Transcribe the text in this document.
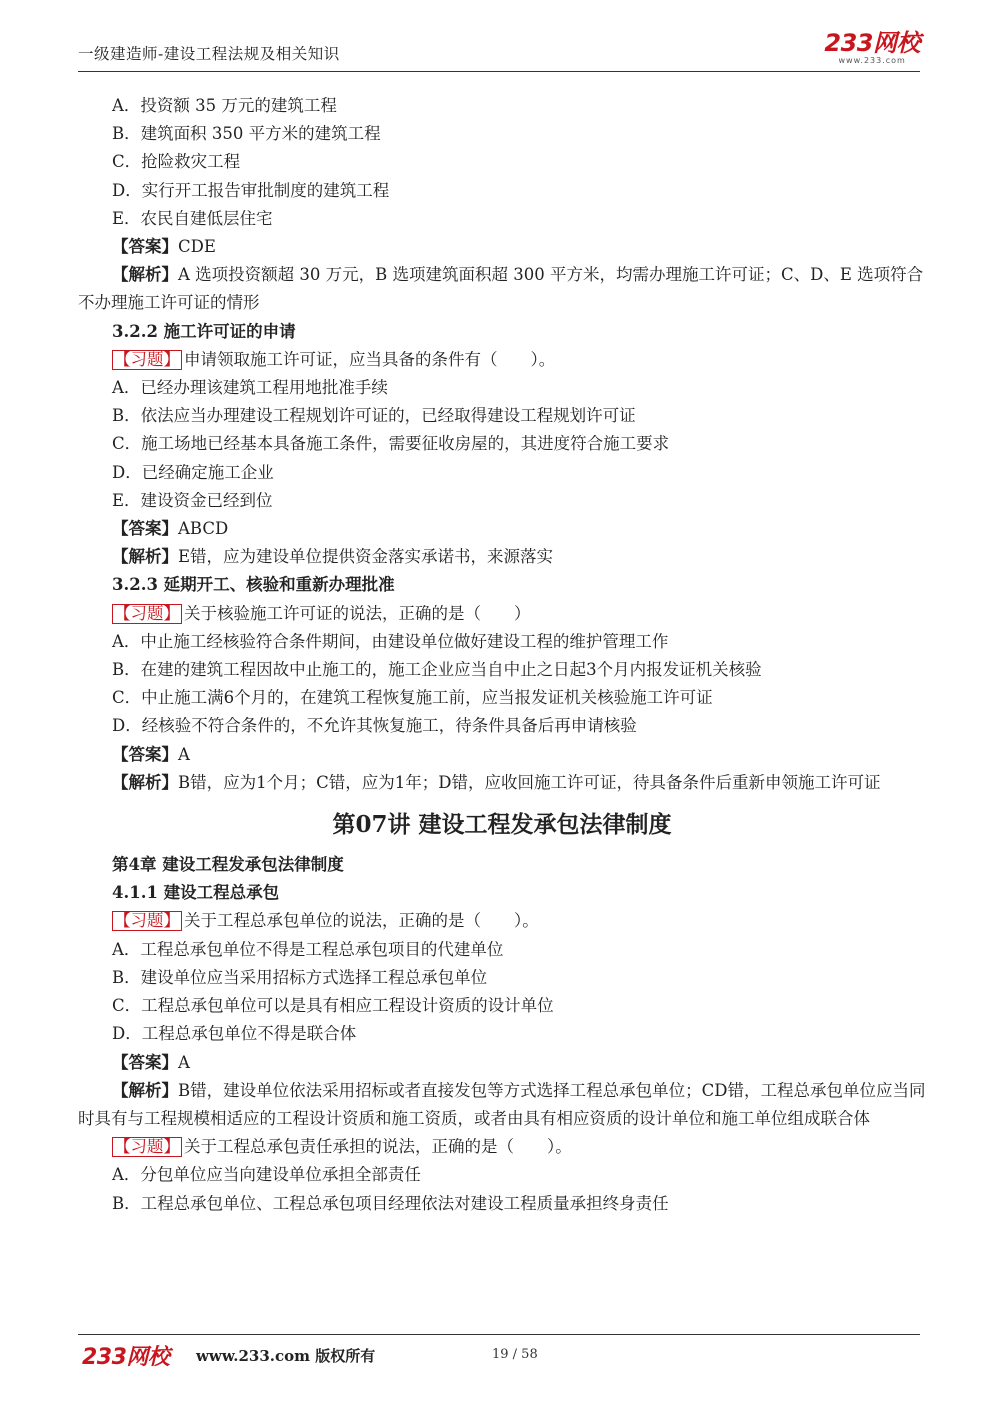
一级建造师-建设工程法规及相关知识	233网校
www.233.com
A．投资额 35 万元的建筑工程
B．建筑面积 350 平方米的建筑工程
C．抢险救灾工程
D．实行开工报告审批制度的建筑工程
E．农民自建低层住宅
【答案】CDE
【解析】A 选项投资额超 30 万元，B 选项建筑面积超 300 平方米，均需办理施工许可证；C、D、E 选项符合不办理施工许可证的情形
3.2.2 施工许可证的申请
【习题】 申请领取施工许可证，应当具备的条件有（　　）。
A．已经办理该建筑工程用地批准手续
B．依法应当办理建设工程规划许可证的，已经取得建设工程规划许可证
C．施工场地已经基本具备施工条件，需要征收房屋的，其进度符合施工要求
D．已经确定施工企业
E．建设资金已经到位
【答案】ABCD
【解析】E错，应为建设单位提供资金落实承诺书，来源落实
3.2.3 延期开工、核验和重新办理批准
【习题】 关于核验施工许可证的说法，正确的是（　　）
A．中止施工经核验符合条件期间，由建设单位做好建设工程的维护管理工作
B．在建的建筑工程因故中止施工的，施工企业应当自中止之日起3个月内报发证机关核验
C．中止施工满6个月的，在建筑工程恢复施工前，应当报发证机关核验施工许可证
D．经核验不符合条件的，不允许其恢复施工，待条件具备后再申请核验
【答案】A
【解析】B错，应为1个月；C错，应为1年；D错，应收回施工许可证，待具备条件后重新申领施工许可证
第07讲 建设工程发承包法律制度
第4章 建设工程发承包法律制度
4.1.1 建设工程总承包
【习题】 关于工程总承包单位的说法，正确的是（　　）。
A．工程总承包单位不得是工程总承包项目的代建单位
B．建设单位应当采用招标方式选择工程总承包单位
C．工程总承包单位可以是具有相应工程设计资质的设计单位
D．工程总承包单位不得是联合体
【答案】A
【解析】B错，建设单位依法采用招标或者直接发包等方式选择工程总承包单位；CD错，工程总承包单位应当同时具有与工程规模相适应的工程设计资质和施工资质，或者由具有相应资质的设计单位和施工单位组成联合体
【习题】 关于工程总承包责任承担的说法，正确的是（　　）。
A．分包单位应当向建设单位承担全部责任
B．工程总承包单位、工程总承包项目经理依法对建设工程质量承担终身责任
233网校 www.233.com 版权所有	19 / 58
